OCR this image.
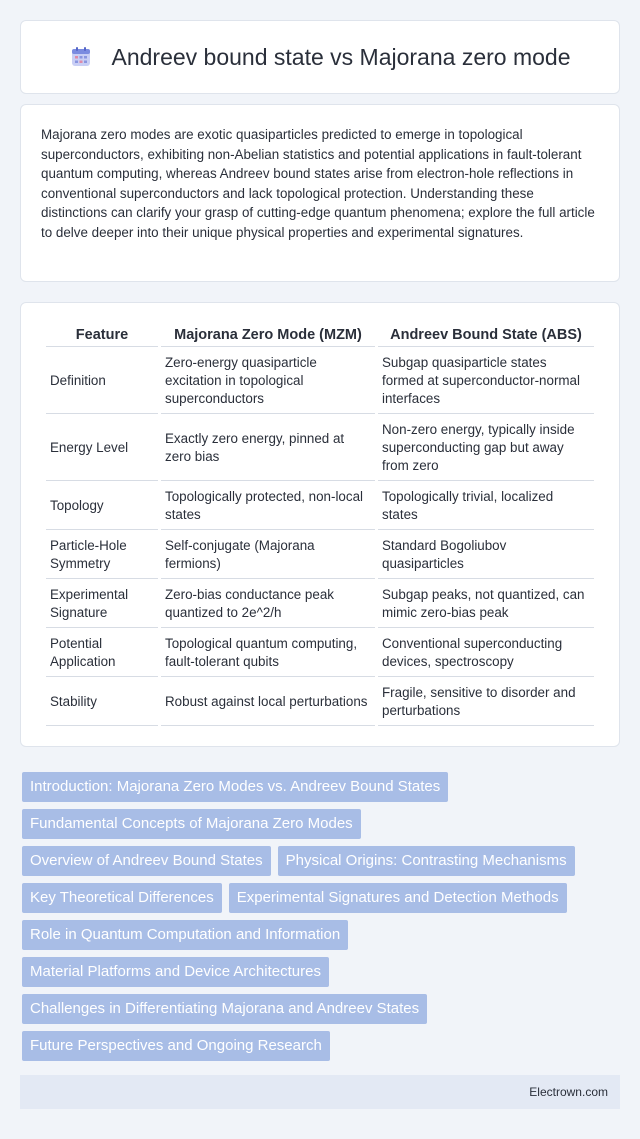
Andreev bound state vs Majorana zero mode

Majorana zero modes are exotic quasiparticles predicted to emerge in topological superconductors, exhibiting non-Abelian statistics and potential applications in fault-tolerant quantum computing, whereas Andreev bound states arise from electron-hole reflections in conventional superconductors and lack topological protection. Understanding these distinctions can clarify your grasp of cutting-edge quantum phenomena; explore the full article to delve deeper into their unique physical properties and experimental signatures.

Feature	Majorana Zero Mode (MZM)	Andreev Bound State (ABS)
Definition	Zero-energy quasiparticle excitation in topological superconductors	Subgap quasiparticle states formed at superconductor-normal interfaces
Energy Level	Exactly zero energy, pinned at zero bias	Non-zero energy, typically inside superconducting gap but away from zero
Topology	Topologically protected, non-local states	Topologically trivial, localized states
Particle-Hole Symmetry	Self-conjugate (Majorana fermions)	Standard Bogoliubov quasiparticles
Experimental Signature	Zero-bias conductance peak quantized to 2e^2/h	Subgap peaks, not quantized, can mimic zero-bias peak
Potential Application	Topological quantum computing, fault-tolerant qubits	Conventional superconducting devices, spectroscopy
Stability	Robust against local perturbations	Fragile, sensitive to disorder and perturbations
Introduction: Majorana Zero Modes vs. Andreev Bound States
Fundamental Concepts of Majorana Zero Modes
Overview of Andreev Bound States	Physical Origins: Contrasting Mechanisms
Key Theoretical Differences	Experimental Signatures and Detection Methods
Role in Quantum Computation and Information
Material Platforms and Device Architectures
Challenges in Differentiating Majorana and Andreev States
Future Perspectives and Ongoing Research
Electrown.com
